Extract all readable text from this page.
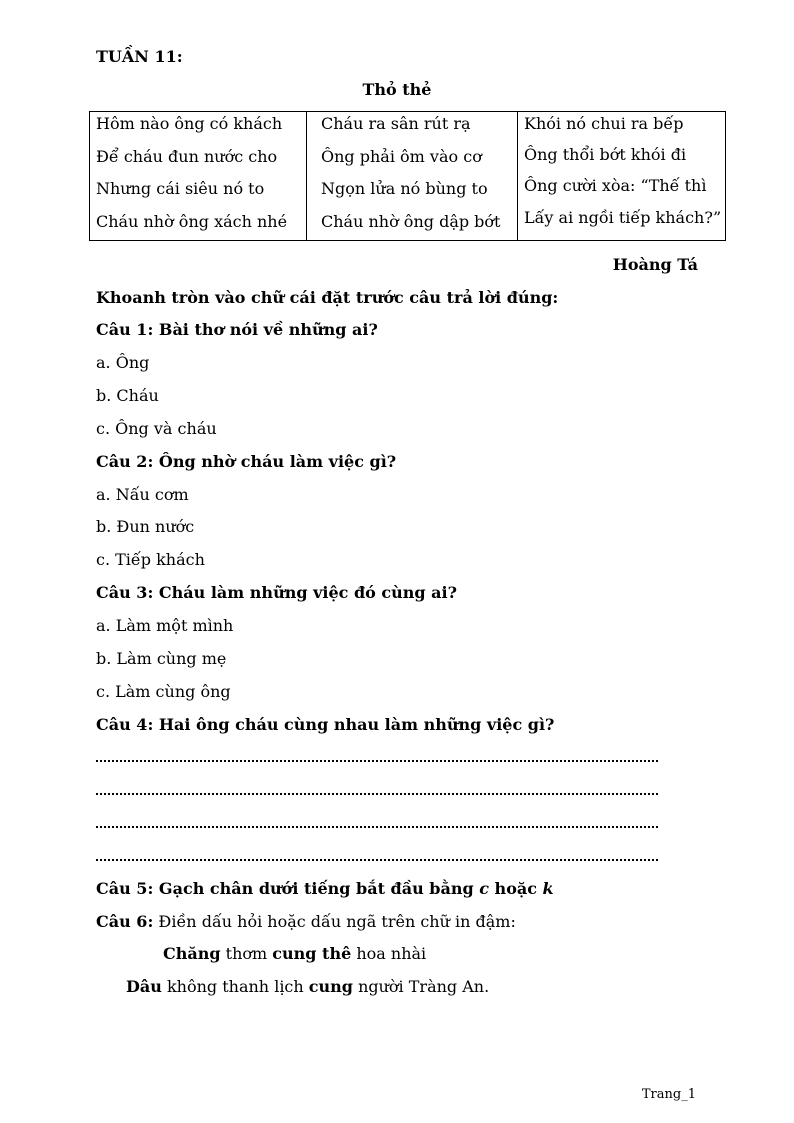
TUẦN 11:
Thỏ thẻ
Hôm nào ông có khách
Để cháu đun nước cho
Nhưng cái siêu nó to
Cháu nhờ ông xách nhé
Cháu ra sân rút rạ
Ông phải ôm vào cơ
Ngọn lửa nó bùng to
Cháu nhờ ông dập bớt
Khói nó chui ra bếp
Ông thổi bớt khói đi
Ông cười xòa: “Thế thì
Lấy ai ngồi tiếp khách?”
Hoàng Tá
Khoanh tròn vào chữ cái đặt trước câu trả lời đúng:
Câu 1: Bài thơ nói về những ai?
a. Ông
b. Cháu
c. Ông và cháu
Câu 2: Ông nhờ cháu làm việc gì?
a. Nấu cơm
b. Đun nước
c. Tiếp khách
Câu 3: Cháu làm những việc đó cùng ai?
a. Làm một mình
b. Làm cùng mẹ
c. Làm cùng ông
Câu 4: Hai ông cháu cùng nhau làm những việc gì?
Câu 5: Gạch chân dưới tiếng bắt đầu bằng c hoặc k
Câu 6: Điền dấu hỏi hoặc dấu ngã trên chữ in đậm:
Chăng thơm cung thê hoa nhài
Dâu không thanh lịch cung người Tràng An.
Trang_1
